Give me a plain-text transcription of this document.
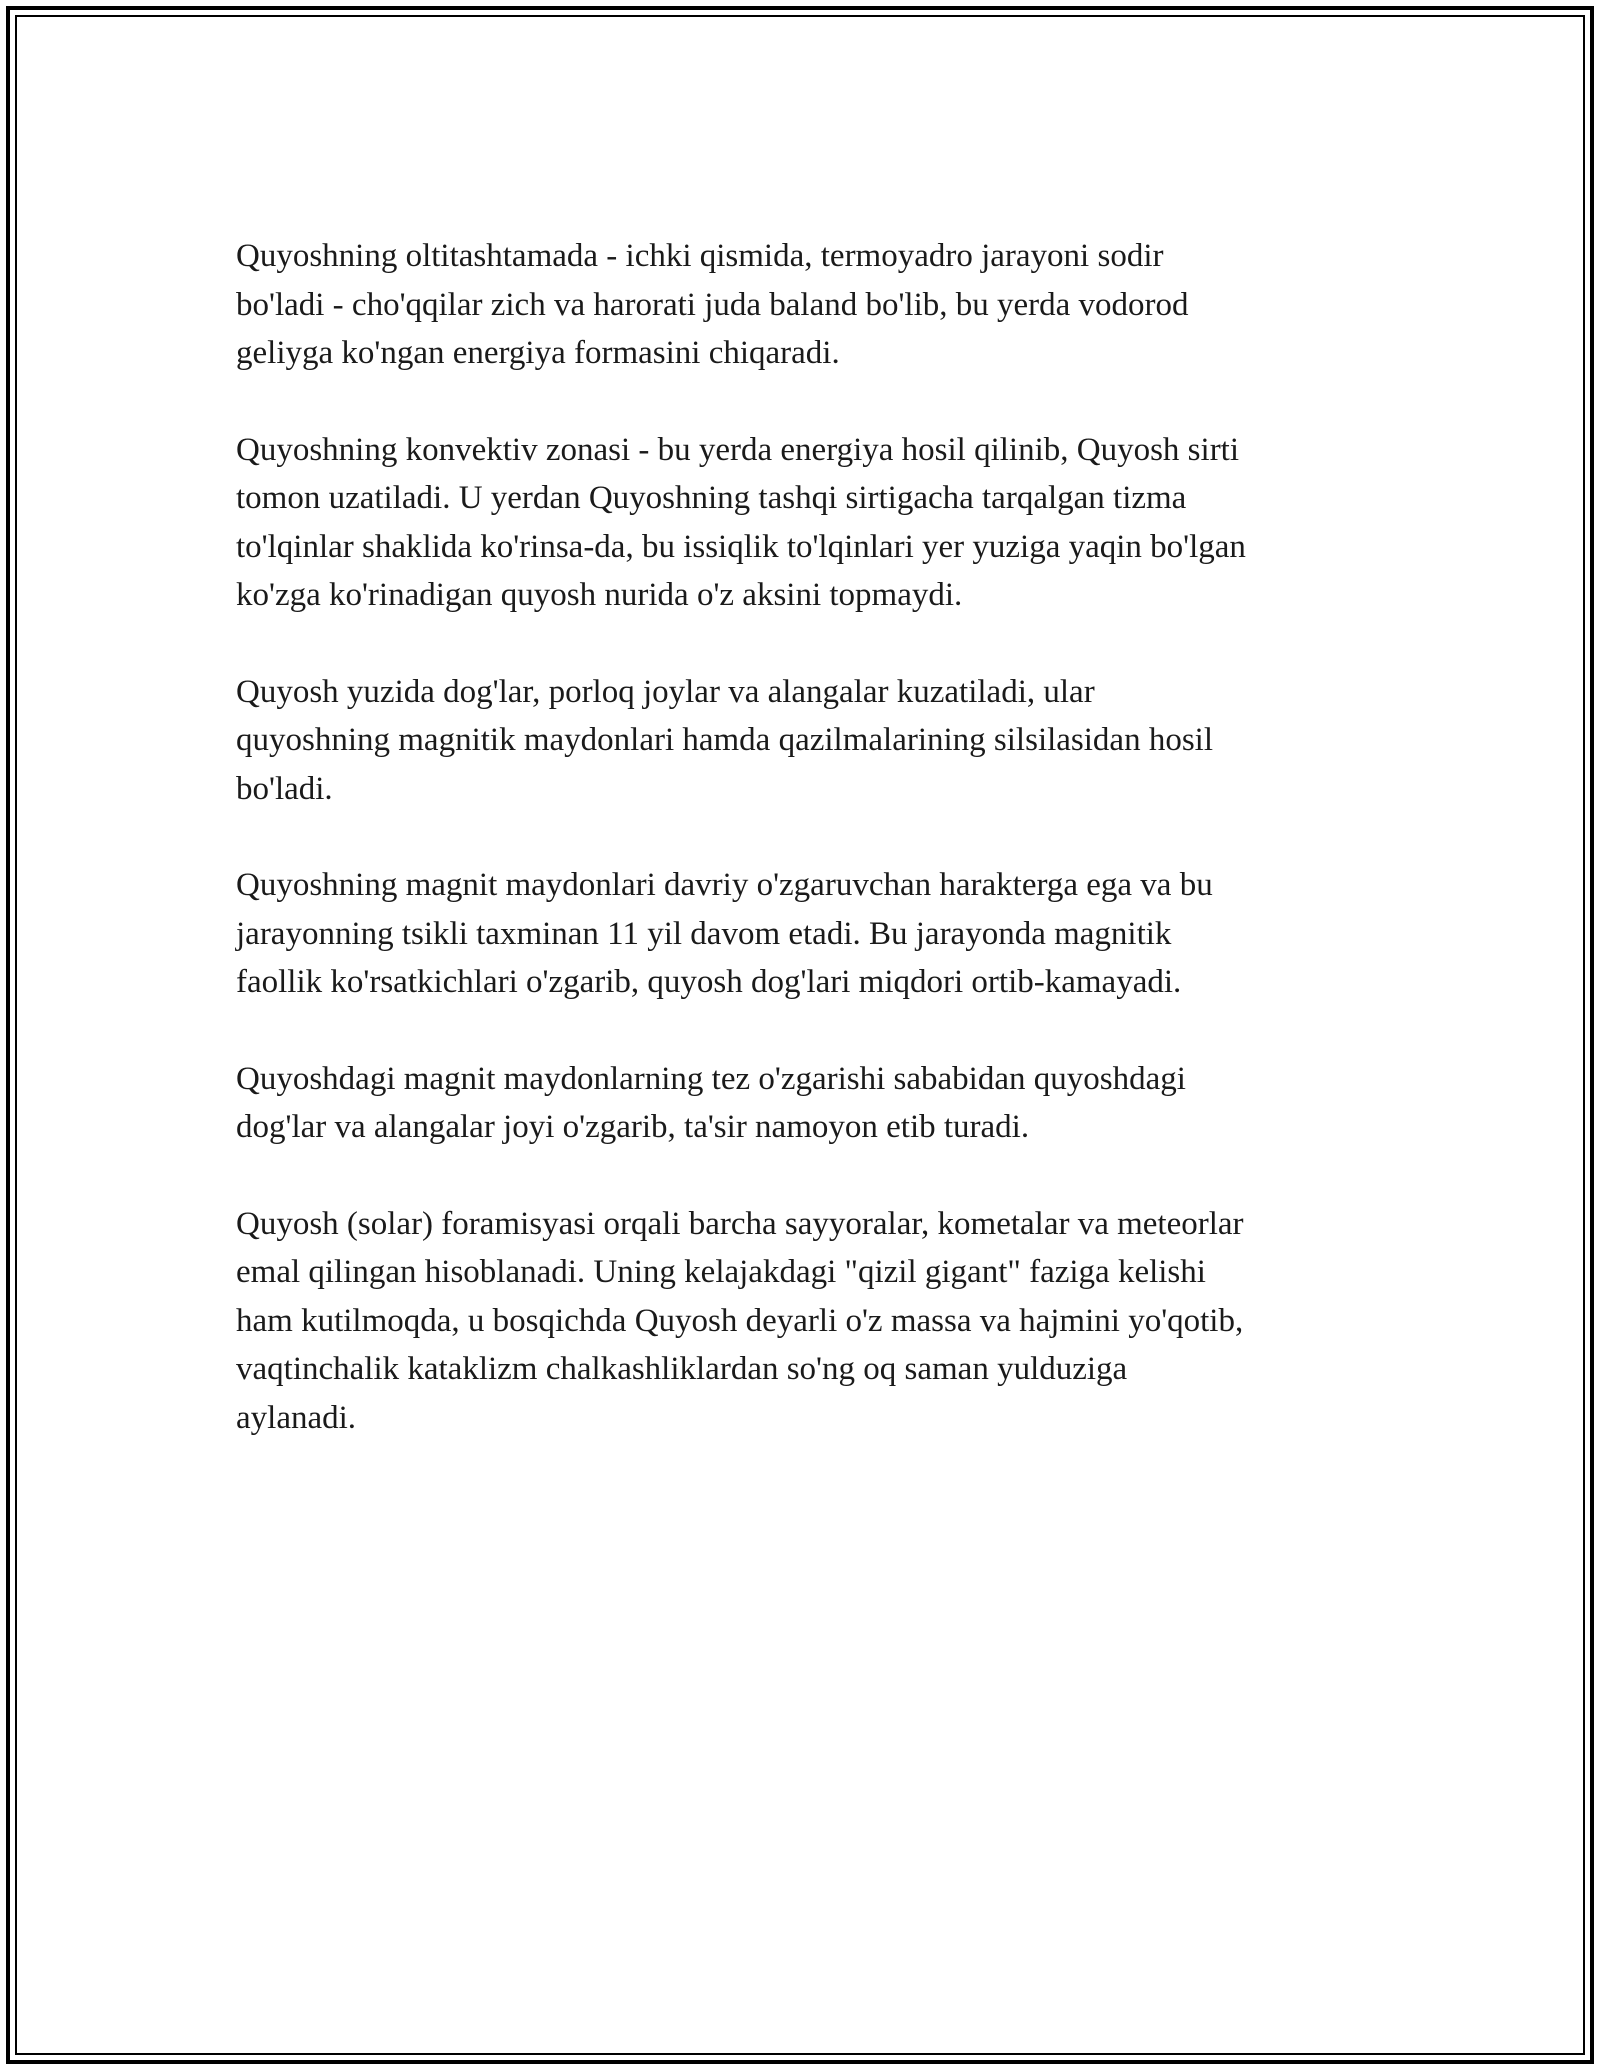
Quyoshning oltitashtamada - ichki qismida, termoyadro jarayoni sodir
bo'ladi - cho'qqilar zich va harorati juda baland bo'lib, bu yerda vodorod
geliyga ko'ngan energiya formasini chiqaradi.

Quyoshning konvektiv zonasi - bu yerda energiya hosil qilinib, Quyosh sirti
tomon uzatiladi. U yerdan Quyoshning tashqi sirtigacha tarqalgan tizma
to'lqinlar shaklida ko'rinsa-da, bu issiqlik to'lqinlari yer yuziga yaqin bo'lgan
ko'zga ko'rinadigan quyosh nurida o'z aksini topmaydi.

Quyosh yuzida dog'lar, porloq joylar va alangalar kuzatiladi, ular
quyoshning magnitik maydonlari hamda qazilmalarining silsilasidan hosil
bo'ladi.

Quyoshning magnit maydonlari davriy o'zgaruvchan harakterga ega va bu
jarayonning tsikli taxminan 11 yil davom etadi. Bu jarayonda magnitik
faollik ko'rsatkichlari o'zgarib, quyosh dog'lari miqdori ortib-kamayadi.

Quyoshdagi magnit maydonlarning tez o'zgarishi sababidan quyoshdagi
dog'lar va alangalar joyi o'zgarib, ta'sir namoyon etib turadi.

Quyosh (solar) foramisyasi orqali barcha sayyoralar, kometalar va meteorlar
emal qilingan hisoblanadi. Uning kelajakdagi "qizil gigant" faziga kelishi
ham kutilmoqda, u bosqichda Quyosh deyarli o'z massa va hajmini yo'qotib,
vaqtinchalik kataklizm chalkashliklardan so'ng oq saman yulduziga
aylanadi.
